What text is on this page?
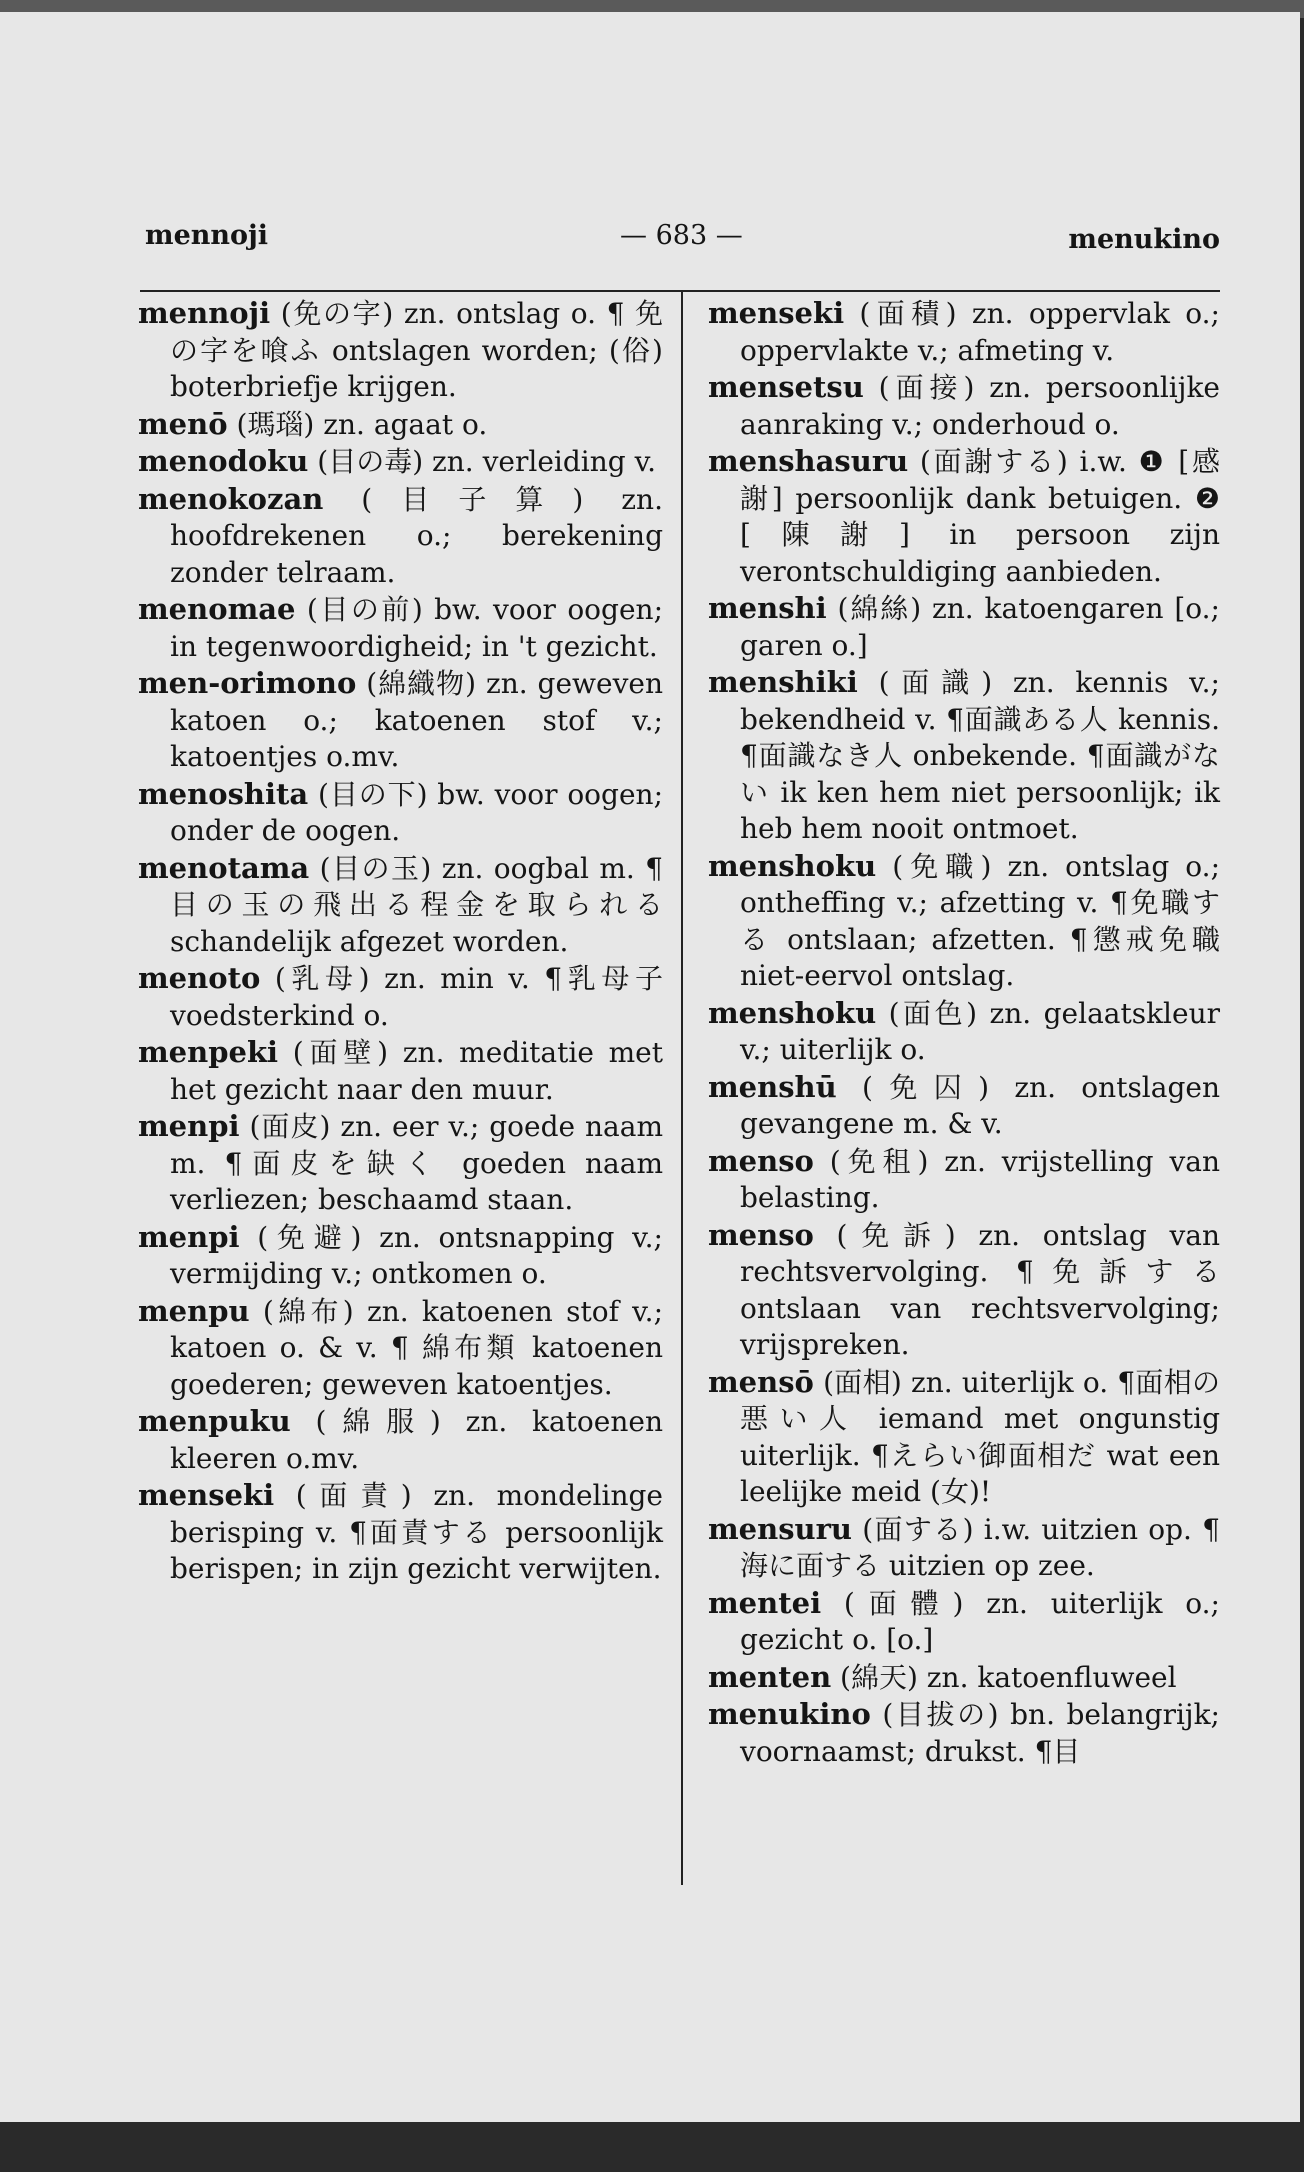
mennoji	— 683 —	menukino

mennoji (免の字) zn. ontslag o. ¶ 免の字を喰ふ ontslagen worden; (俗) boterbriefje krijgen.

menō (瑪瑙) zn. agaat o.

menodoku (目の毒) zn. verleiding v.

menokozan (目子算) zn. hoofdrekenen o.; berekening zonder telraam.

menomae (目の前) bw. voor oogen; in tegenwoordigheid; in 't gezicht.

men-orimono (綿織物) zn. geweven katoen o.; katoenen stof v.; katoentjes o.mv.

menoshita (目の下) bw. voor oogen; onder de oogen.

menotama (目の玉) zn. oogbal m. ¶目の玉の飛出る程金を取られる schandelijk afgezet worden.

menoto (乳母) zn. min v. ¶乳母子 voedsterkind o.

menpeki (面壁) zn. meditatie met het gezicht naar den muur.

menpi (面皮) zn. eer v.; goede naam m. ¶面皮を缺く goeden naam verliezen; beschaamd staan.

menpi (免避) zn. ontsnapping v.; vermijding v.; ontkomen o.

menpu (綿布) zn. katoenen stof v.; katoen o. & v. ¶ 綿布類 katoenen goederen; geweven katoentjes.

menpuku (綿服) zn. katoenen kleeren o.mv.

menseki (面責) zn. mondelinge berisping v. ¶面責する persoonlijk berispen; in zijn gezicht verwijten.

menseki (面積) zn. oppervlak o.; oppervlakte v.; afmeting v.

mensetsu (面接) zn. persoonlijke aanraking v.; onderhoud o.

menshasuru (面謝する) i.w. ❶ [感謝] persoonlijk dank betuigen. ❷ [陳謝] in persoon zijn verontschuldiging aanbieden.

menshi (綿絲) zn. katoengaren [o.; garen o.]

menshiki (面識) zn. kennis v.; bekendheid v. ¶面識ある人 kennis. ¶面識なき人 onbekende. ¶面識がない ik ken hem niet persoonlijk; ik heb hem nooit ontmoet.

menshoku (免職) zn. ontslag o.; ontheffing v.; afzetting v. ¶免職する ontslaan; afzetten. ¶懲戒免職 niet-eervol ontslag.

menshoku (面色) zn. gelaatskleur v.; uiterlijk o.

menshū (免囚) zn. ontslagen gevangene m. & v.

menso (免租) zn. vrijstelling van belasting.

menso (免訴) zn. ontslag van rechtsvervolging. ¶免訴する ontslaan van rechtsvervolging; vrijspreken.

mensō (面相) zn. uiterlijk o. ¶面相の悪い人 iemand met ongunstig uiterlijk. ¶えらい御面相だ wat een leelijke meid (女)!

mensuru (面する) i.w. uitzien op. ¶海に面する uitzien op zee.

mentei (面體) zn. uiterlijk o.; gezicht o. [o.]

menten (綿天) zn. katoenfluweel

menukino (目拔の) bn. belangrijk; voornaamst; drukst. ¶目
